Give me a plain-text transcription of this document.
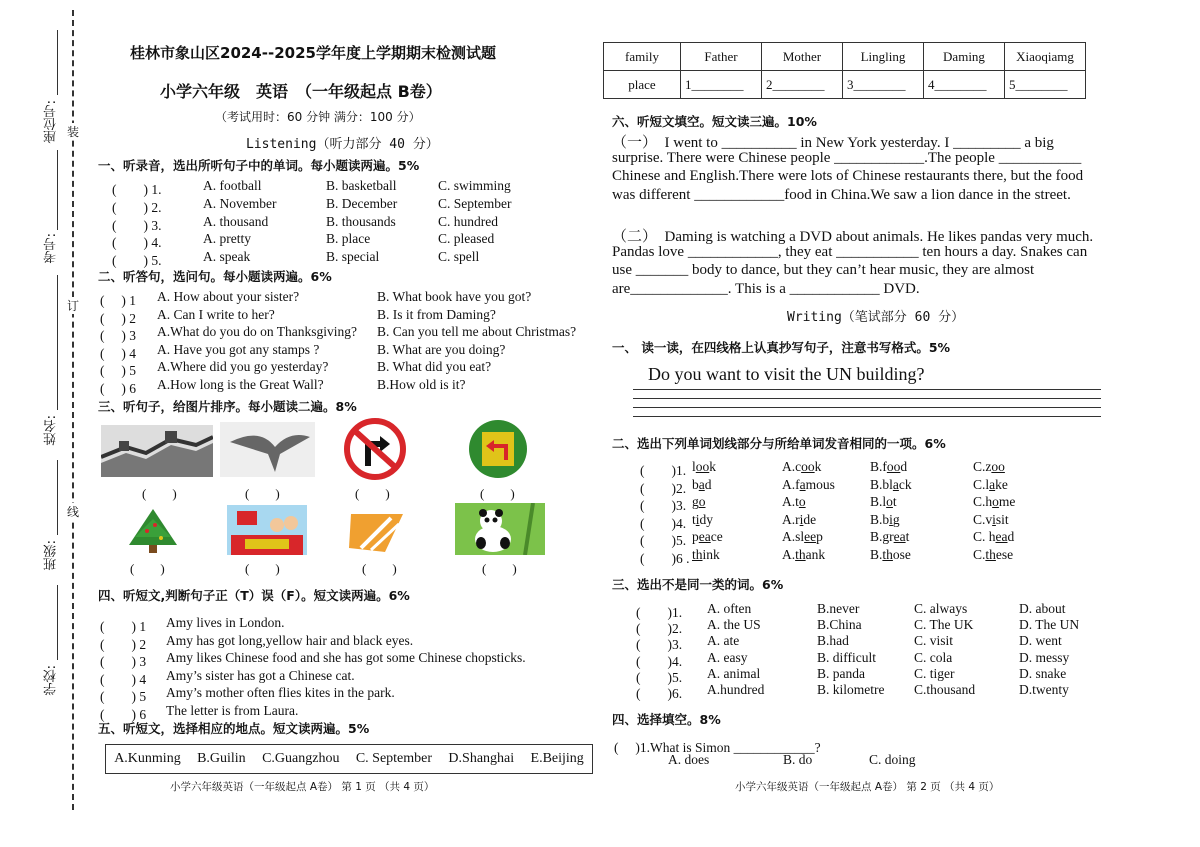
座位号:
考号:
姓名:
班级:
学校:
装
订
线
桂林市象山区2024--2025学年度上学期期末检测试题
小学六年级　英语　（一年级起点 B卷）
（考试用时：60 分钟 满分：100 分）
Listening（听力部分 40 分）
一、听录音，选出所听句子中的单词。每小题读两遍。5%
(　　) 1.	A. football	B. basketball	C. swimming
(　　) 2.	A. November	B. December	C. September
(　　) 3.	A. thousand	B. thousands	C. hundred
(　　) 4.	A. pretty	B. place	C. pleased
(　　) 5.	A. speak	B. special	C. spell
二、听答句，选问句。每小题读两遍。6%
(　 ) 1 A. How about your sister?	B. What book have you got?
(　 ) 2 A. Can I write to her?	B. Is it from Daming?
(　 ) 3 A.What do you do on Thanksgiving? B. Can you tell me about Christmas?
(　 ) 4 A. Have you got any stamps ?	B. What are you doing?
(　 ) 5 A.Where did you go yesterday?	B. What did you eat?
(　 ) 6 A.How long is the Great Wall?	B.How old is it?
三、听句子，给图片排序。每小题读二遍。8%
(　　)	(　　)	(　　)	(　　)
(　　)	(　　)	(　　)	(　　)
四、听短文,判断句子正（T）误（F）。短文读两遍。6%
(　　) 1 Amy lives in London.
(　　) 2 Amy has got long,yellow hair and black eyes.
(　　) 3 Amy likes Chinese food and she has got some Chinese chopsticks.
(　　) 4 Amy’s sister has got a Chinese cat.
(　　) 5 Amy’s mother often flies kites in the park.
(　　) 6 The letter is from Laura.
五、听短文，选择相应的地点。短文读两遍。5%
A.Kunming B.Guilin C.Guangzhou C. September D.Shanghai E.Beijing
小学六年级英语（一年级起点 A卷） 第 1 页 （共 4 页）
family	Father	Mother	Lingling	Daming	Xiaoqiamg
place	1________	2________	3________	4________	5________
六、听短文填空。短文读三遍。10%
（一）　I went to __________ in New York yesterday. I _________ a big
surprise. There were Chinese people ____________.The people ___________
Chinese and English.There were lots of Chinese restaurants there, but the food
was different ____________food in China.We saw a lion dance in the street.
（二）　Daming is watching a DVD about animals. He likes pandas very much.
Pandas love ____________, they eat ___________ ten hours a day. Snakes can
use _______ body to dance, but they can’t hear music, they are almost
are_____________. This is a ____________ DVD.
Writing（笔试部分 60 分）
一、 读一读，在四线格上认真抄写句子，注意书写格式。5%
Do you want to visit the UN building?
二、选出下列单词划线部分与所给单词发音相同的一项。6%
(　　)1. look	A.cook	B.food	C.zoo
(　　)2. bad	A.famous	B.black	C.lake
(　　)3. go	A.to	B.lot	C.home
(　　)4. tidy	A.ride	B.big	C.visit
(　　)5. peace	A.sleep	B.great	C. head
(　　)6 . think	A.thank	B.those	C.these
三、选出不是同一类的词。6%
(　　)1. A. often	B.never	C. always	D. about
(　　)2. A. the US	B.China	C. The UK	D. The UN
(　　)3. A. ate	B.had	C. visit	D. went
(　　)4. A. easy	B. difficult	C. cola	D. messy
(　　)5. A. animal	B. panda	C. tiger	D. snake
(　　)6. A.hundred	B. kilometre C.thousand	D.twenty
四、选择填空。8%
(　 )1.What is Simon ____________?
A. does	B. do	C. doing
小学六年级英语（一年级起点 A卷） 第 2 页 （共 4 页）
